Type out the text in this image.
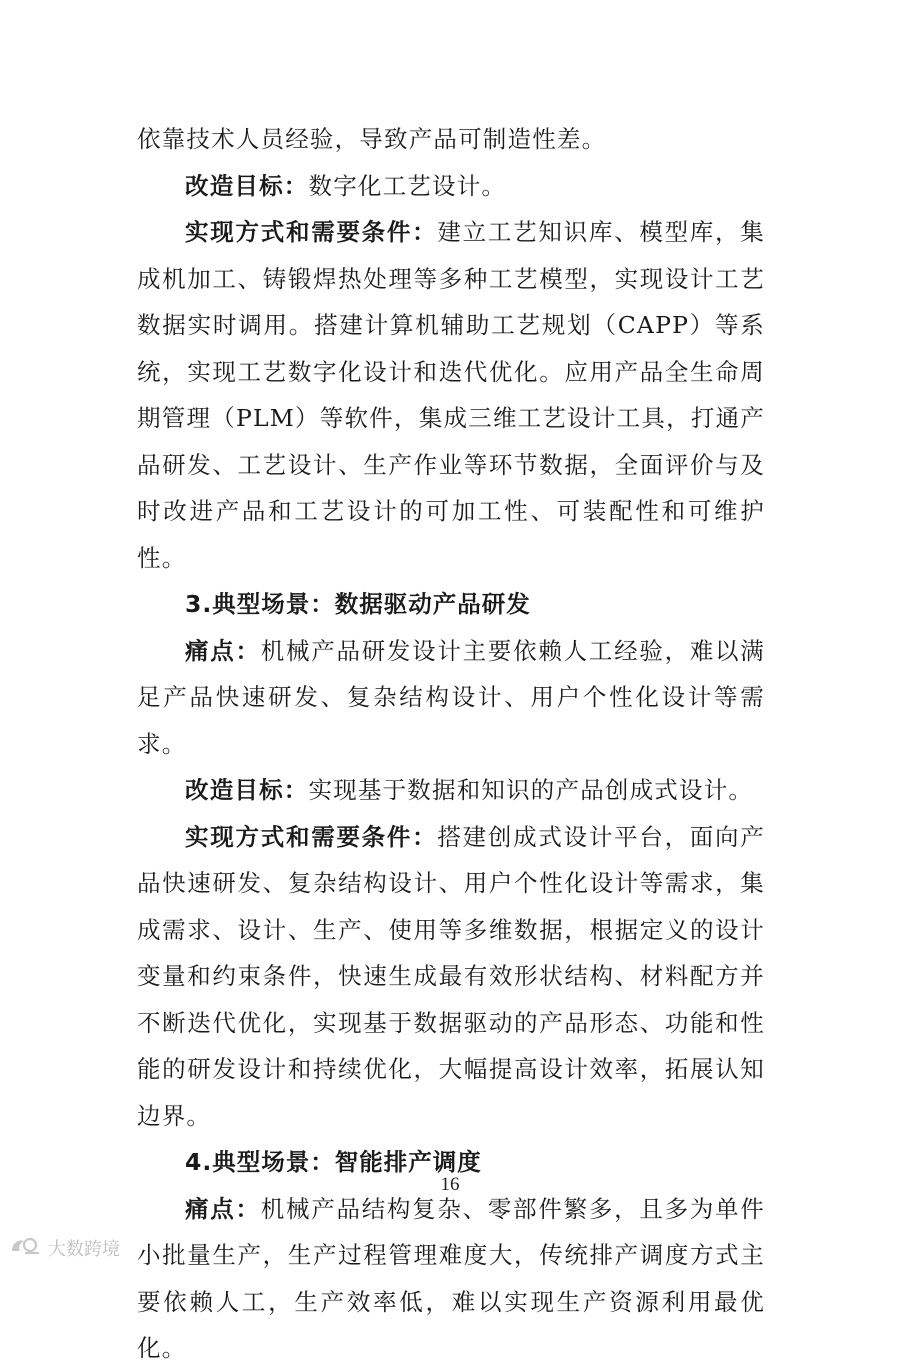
依靠技术人员经验，导致产品可制造性差。

改造目标：数字化工艺设计。

实现方式和需要条件：建立工艺知识库、模型库，集成机加工、铸锻焊热处理等多种工艺模型，实现设计工艺数据实时调用。搭建计算机辅助工艺规划（CAPP）等系统，实现工艺数字化设计和迭代优化。应用产品全生命周期管理（PLM）等软件，集成三维工艺设计工具，打通产品研发、工艺设计、生产作业等环节数据，全面评价与及时改进产品和工艺设计的可加工性、可装配性和可维护性。

3.典型场景：数据驱动产品研发

痛点：机械产品研发设计主要依赖人工经验，难以满足产品快速研发、复杂结构设计、用户个性化设计等需求。

改造目标：实现基于数据和知识的产品创成式设计。

实现方式和需要条件：搭建创成式设计平台，面向产品快速研发、复杂结构设计、用户个性化设计等需求，集成需求、设计、生产、使用等多维数据，根据定义的设计变量和约束条件，快速生成最有效形状结构、材料配方并不断迭代优化，实现基于数据驱动的产品形态、功能和性能的研发设计和持续优化，大幅提高设计效率，拓展认知边界。

4.典型场景：智能排产调度

痛点：机械产品结构复杂、零部件繁多，且多为单件小批量生产，生产过程管理难度大，传统排产调度方式主要依赖人工，生产效率低，难以实现生产资源利用最优化。

16
大数跨境
